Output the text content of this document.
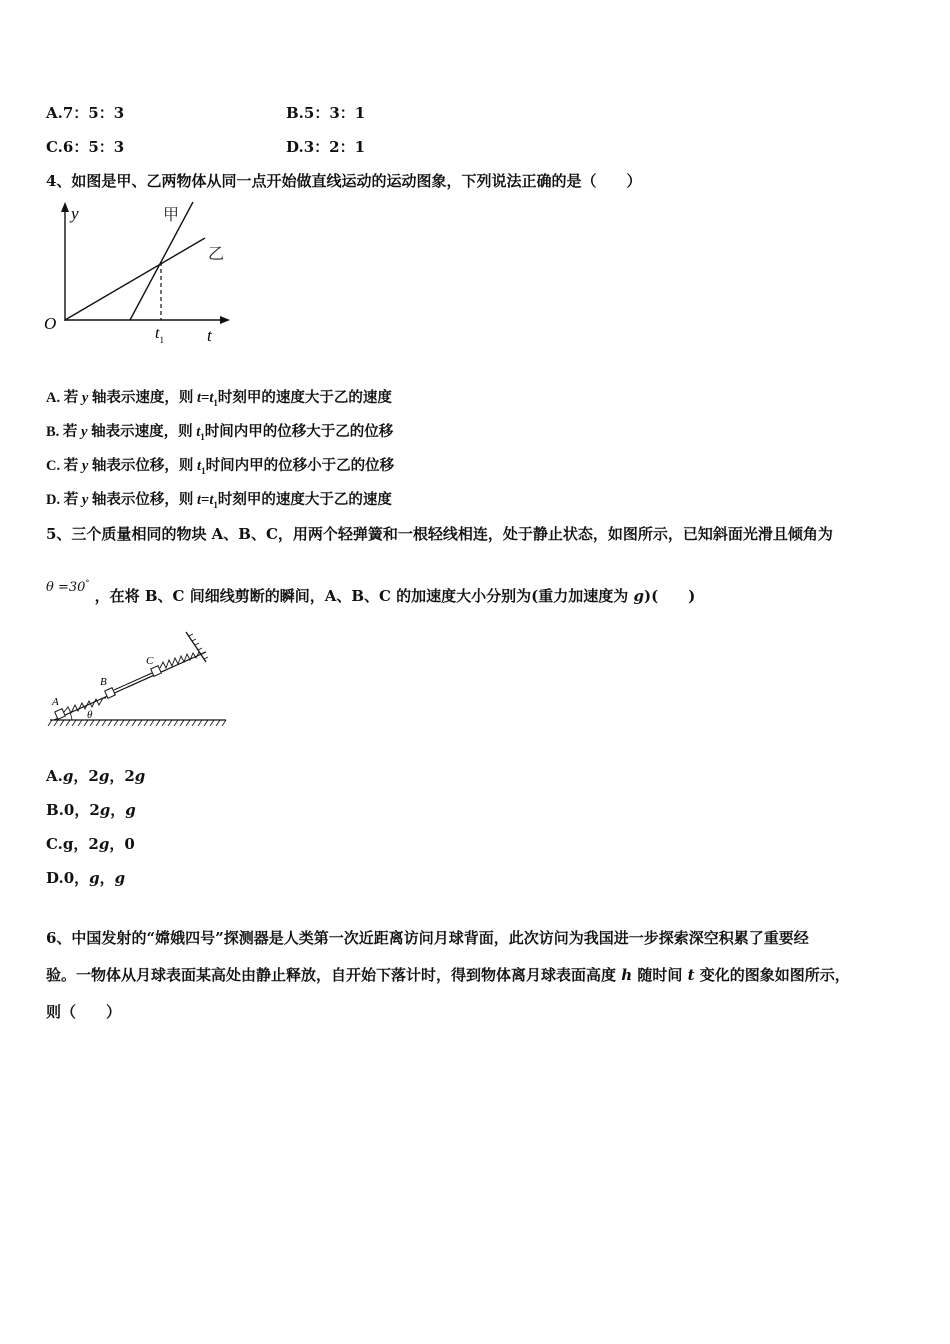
A.7：5：3	B.5：3：1
C.6：5：3	D.3：2：1
4、如图是甲、乙两物体从同一点开始做直线运动的运动图象，下列说法正确的是（　　）
y
t
O
$t_1$
甲
乙
A. 若 y 轴表示速度，则 $t=t_1$时刻甲的速度大于乙的速度
B. 若 y 轴表示速度，则 $t_1$时间内甲的位移大于乙的位移
C. 若 y 轴表示位移，则 $t_1$时间内甲的位移小于乙的位移
D. 若 y 轴表示位移，则 $t=t_1$时刻甲的速度大于乙的速度
5、三个质量相同的物块 A、B、C，用两个轻弹簧和一根轻线相连，处于静止状态，如图所示，已知斜面光滑且倾角为
θ =30° ，在将 B、C 间细线剪断的瞬间，A、B、C 的加速度大小分别为(重力加速度为 g)(　　)
A
B
C
θ
A.g，2g，2g
B.0，2g，g
C.g，2g，0
D.0，g，g
6、中国发射的“嫦娥四号”探测器是人类第一次近距离访问月球背面，此次访问为我国进一步探索深空积累了重要经
验。一物体从月球表面某高处由静止释放，自开始下落计时，得到物体离月球表面高度 h 随时间 t 变化的图象如图所示，
则（　　）
